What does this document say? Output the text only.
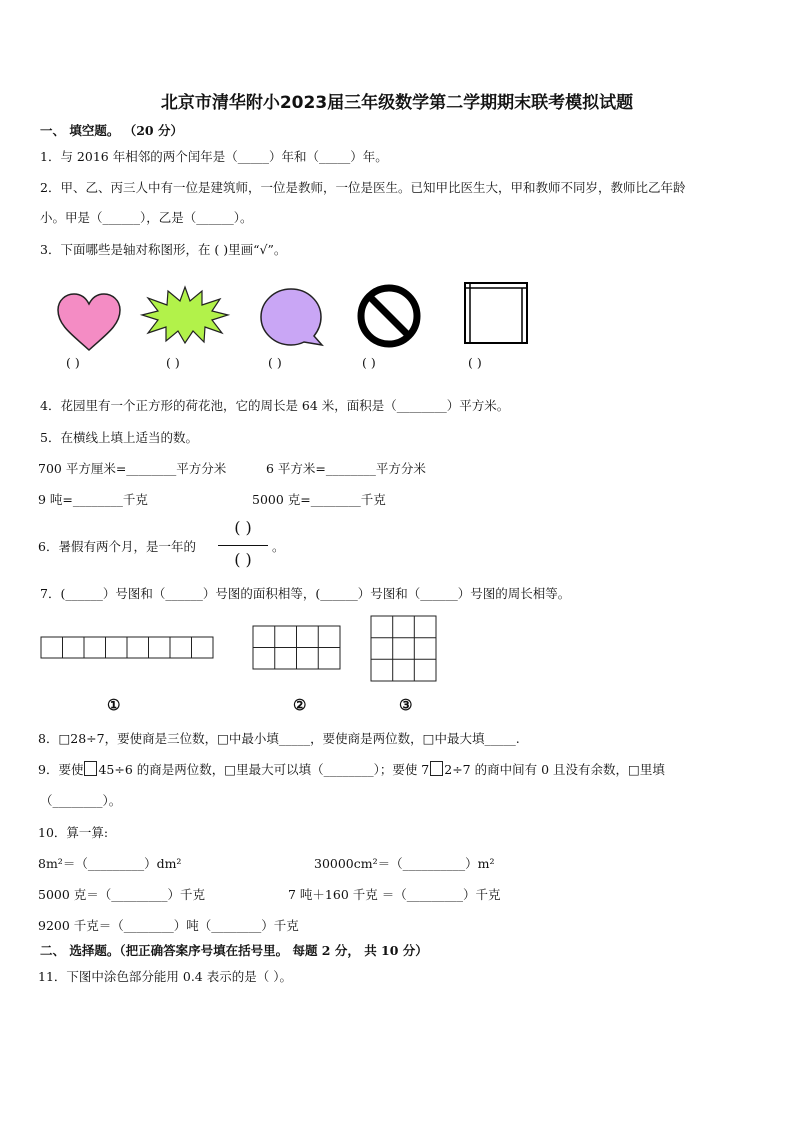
北京市清华附小2023届三年级数学第二学期期末联考模拟试题
一、 填空题。 （20 分）
1．与 2016 年相邻的两个闰年是（_____）年和（_____）年。
2．甲、乙、丙三人中有一位是建筑师，一位是教师，一位是医生。已知甲比医生大，甲和教师不同岁，教师比乙年龄
小。甲是（______），乙是（______）。
3．下面哪些是轴对称图形，在 ( )里画“√”。
( )	( )	( )	( )	( )
4．花园里有一个正方形的荷花池，它的周长是 64 米，面积是（________）平方米。
5．在横线上填上适当的数。
700 平方厘米=________平方分米	6 平方米=________平方分米
9 吨=________千克	5000 克=________千克
6．暑假有两个月，是一年的
( )
( )
。
7．(______）号图和（______）号图的面积相等，(______）号图和（______）号图的周长相等。
①	②	③
8．□28÷7，要使商是三位数，□中最小填_____，要使商是两位数，□中最大填_____.
9．要使 45÷6 的商是两位数，□里最大可以填（________）；要使 7 2÷7 的商中间有 0 且没有余数，□里填
（________）。
10．算一算:
8m²＝（_________）dm²	30000cm²＝（__________）m²
5000 克＝（_________）千克	7 吨＋160 千克 ＝（_________）千克
9200 千克＝（________）吨（________）千克
二、 选择题。（把正确答案序号填在括号里。 每题 2 分， 共 10 分）
11．下图中涂色部分能用 0.4 表示的是（ ）。
